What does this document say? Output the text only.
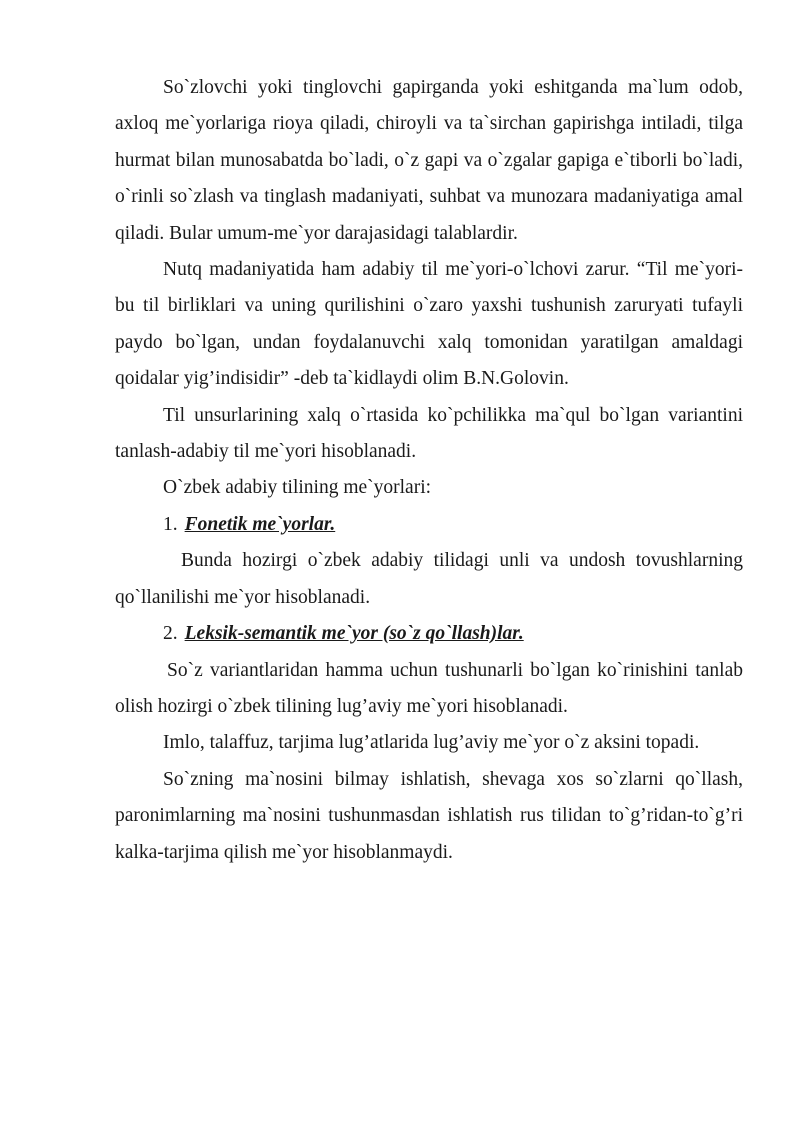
So`zlovchi yoki tinglovchi gapirganda yoki eshitganda ma`lum odob, axloq me`yorlariga rioya qiladi, chiroyli va ta`sirchan gapirishga intiladi, tilga hurmat bilan munosabatda bo`ladi, o`z gapi va o`zgalar gapiga e`tiborli bo`ladi, o`rinli so`zlash va tinglash madaniyati, suhbat va munozara madaniyatiga amal qiladi. Bular umum-me`yor darajasidagi talablardir.

Nutq madaniyatida ham adabiy til me`yori-o`lchovi zarur. “Til me`yori-bu til birliklari va uning qurilishini o`zaro yaxshi tushunish zaruryati tufayli paydo bo`lgan, undan foydalanuvchi xalq tomonidan yaratilgan amaldagi qoidalar yig’indisidir” -deb ta`kidlaydi olim B.N.Golovin.

Til unsurlarining xalq o`rtasida ko`pchilikka ma`qul bo`lgan variantini tanlash-adabiy til me`yori hisoblanadi.

O`zbek adabiy tilining me`yorlari:

1. Fonetik me`yorlar.

Bunda hozirgi o`zbek adabiy tilidagi unli va undosh tovushlarning qo`llanilishi me`yor hisoblanadi.

2. Leksik-semantik me`yor (so`z qo`llash)lar.

So`z variantlaridan hamma uchun tushunarli bo`lgan ko`rinishini tanlab olish hozirgi o`zbek tilining lug’aviy me`yori hisoblanadi.

Imlo, talaffuz, tarjima lug’atlarida lug’aviy me`yor o`z aksini topadi.

So`zning ma`nosini bilmay ishlatish, shevaga xos so`zlarni qo`llash, paronimlarning ma`nosini tushunmasdan ishlatish rus tilidan to`g’ridan-to`g’ri kalka-tarjima qilish me`yor hisoblanmaydi.
